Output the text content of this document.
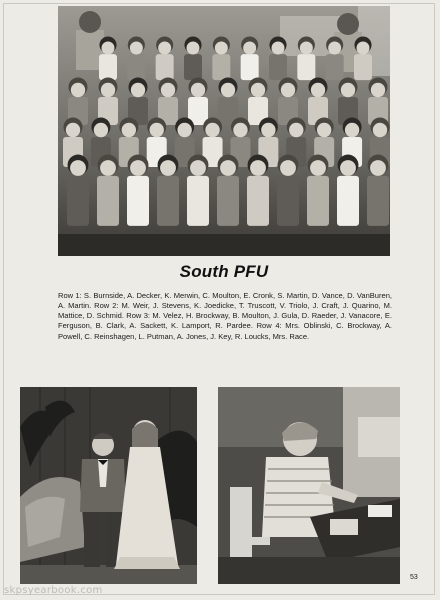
South PFU
Row 1: S. Burnside, A. Decker, K. Merwin, C. Moulton, E. Cronk, S. Martin, D. Vance, D. VanBuren, A. Martin. Row 2: M. Weir, J. Stevens, K. Joedicke, T. Truscott, V. Triolo, J. Craft, J. Quarino, M. Mattice, D. Schmid. Row 3: M. Velez, H. Brockway, B. Moulton, J. Gula, D. Raeder, J. Vanacore, E. Ferguson, B. Clark, A. Sackett, K. Lamport, R. Pardee. Row 4: Mrs. Oblinski, C. Brockway, A. Powell, C. Reinshagen, L. Putman, A. Jones, J. Key, R. Loucks, Mrs. Race.
53
skpsyearbook.com
